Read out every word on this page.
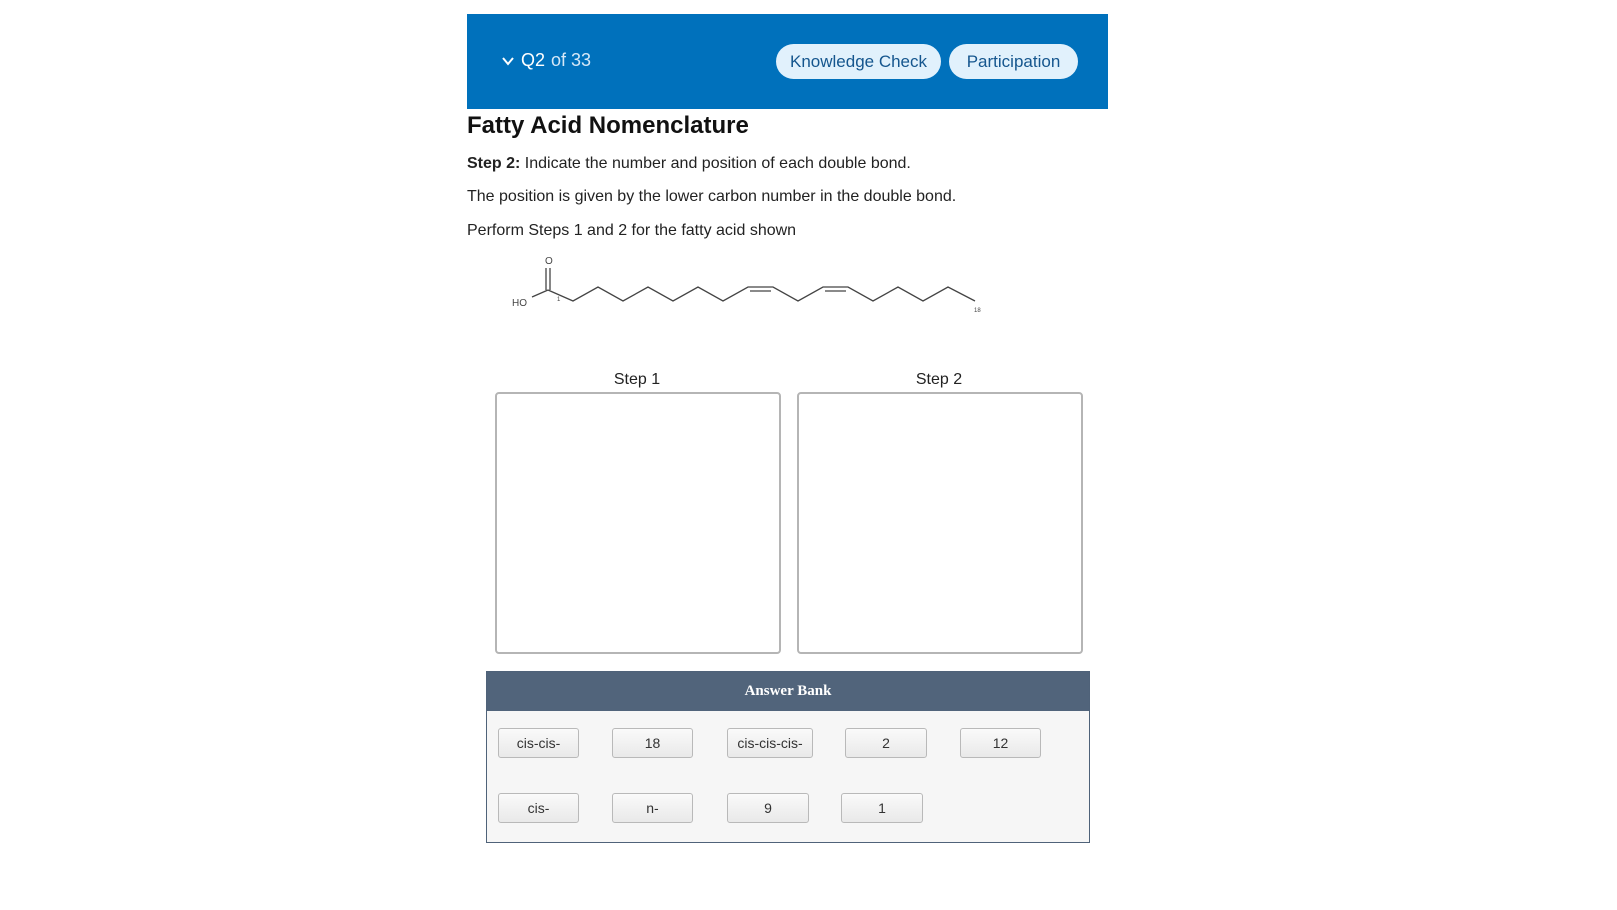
Q2 of 33	Knowledge Check	Participation
Fatty Acid Nomenclature
Step 2: Indicate the number and position of each double bond.
The position is given by the lower carbon number in the double bond.
Perform Steps 1 and 2 for the fatty acid shown
O
HO	1
18
Step 1	Step 2
Answer Bank
cis-cis-	18	cis-cis-cis-	2	12
cis-	n-	9	1
